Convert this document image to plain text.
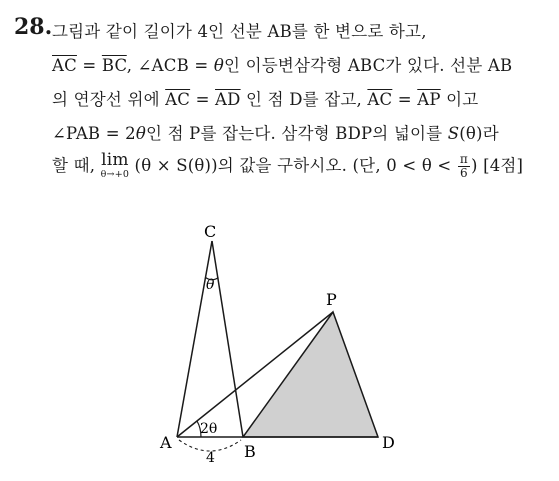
28. 그림과 같이 길이가 4인 선분 AB를 한 변으로 하고,
$\overline{AC} = \overline{BC}$, ∠ACB = θ인 이등변삼각형 ABC가 있다. 선분 AB
의 연장선 위에 $\overline{AC} = \overline{AD}$ 인 점 D를 잡고, $\overline{AC} = \overline{AP}$ 이고
∠PAB = 2θ인 점 P를 잡는다. 삼각형 BDP의 넓이를 S(θ)라
할 때, lim
θ→+0 (θ × S(θ))의 값을 구하시오. (단, $0 < \theta < \frac{\pi}{6}$ ) [4점]
C
A	B	D
P
θ
2θ
4
